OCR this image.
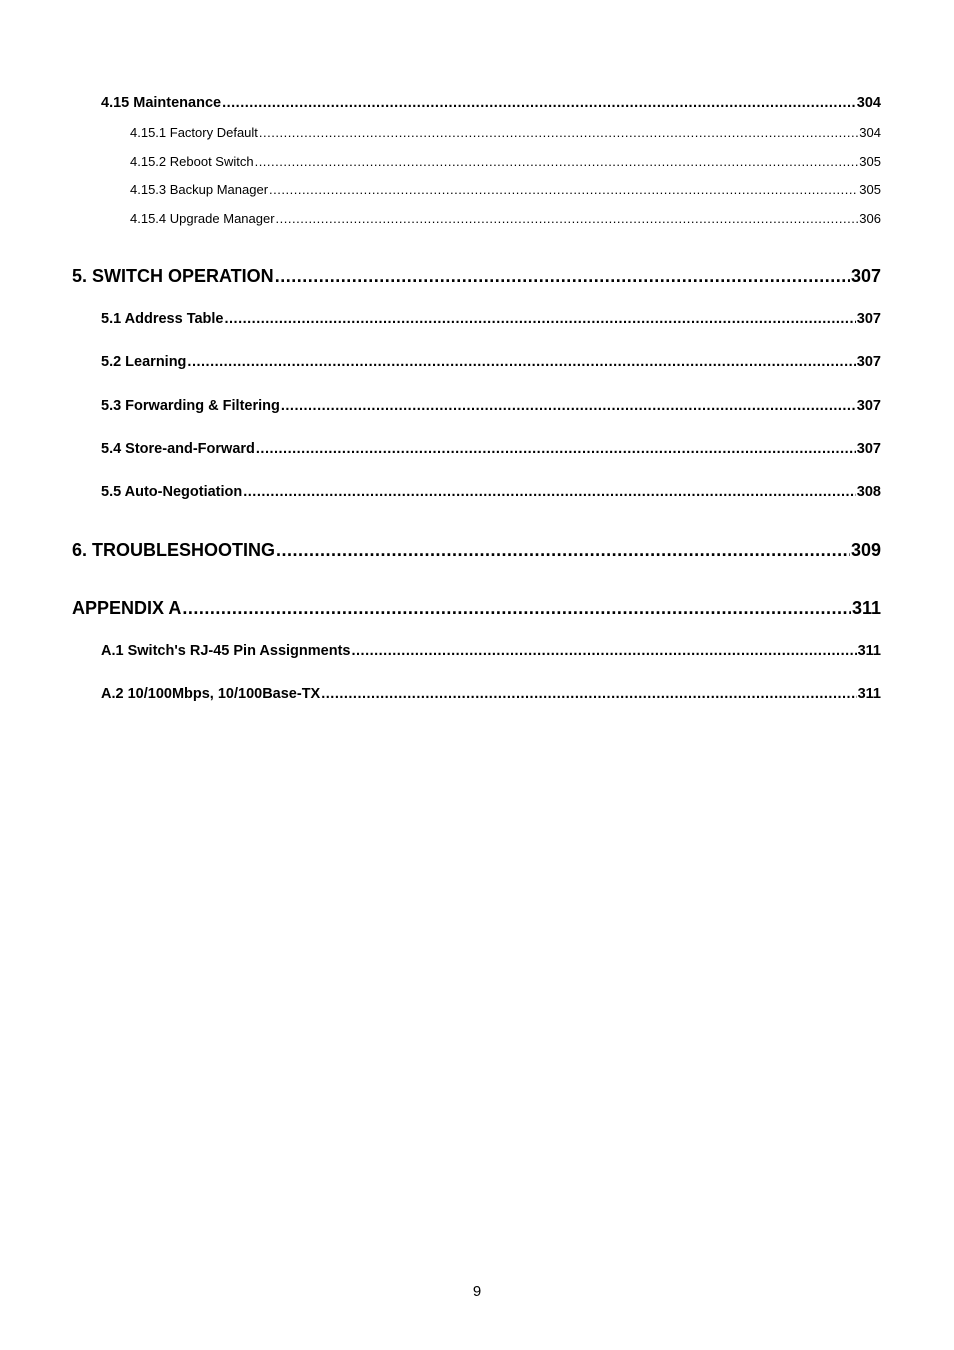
4.15 Maintenance .....	304
4.15.1 Factory Default .....	304
4.15.2 Reboot Switch .....	305
4.15.3 Backup Manager .....	305
4.15.4 Upgrade Manager .....	306
5. SWITCH OPERATION .....	307
5.1 Address Table .....	307
5.2 Learning .....	307
5.3 Forwarding & Filtering .....	307
5.4 Store-and-Forward .....	307
5.5 Auto-Negotiation .....	308
6. TROUBLESHOOTING .....	309
APPENDIX A .....	311
A.1 Switch's RJ-45 Pin Assignments .....	311
A.2 10/100Mbps, 10/100Base-TX .....	311
9
